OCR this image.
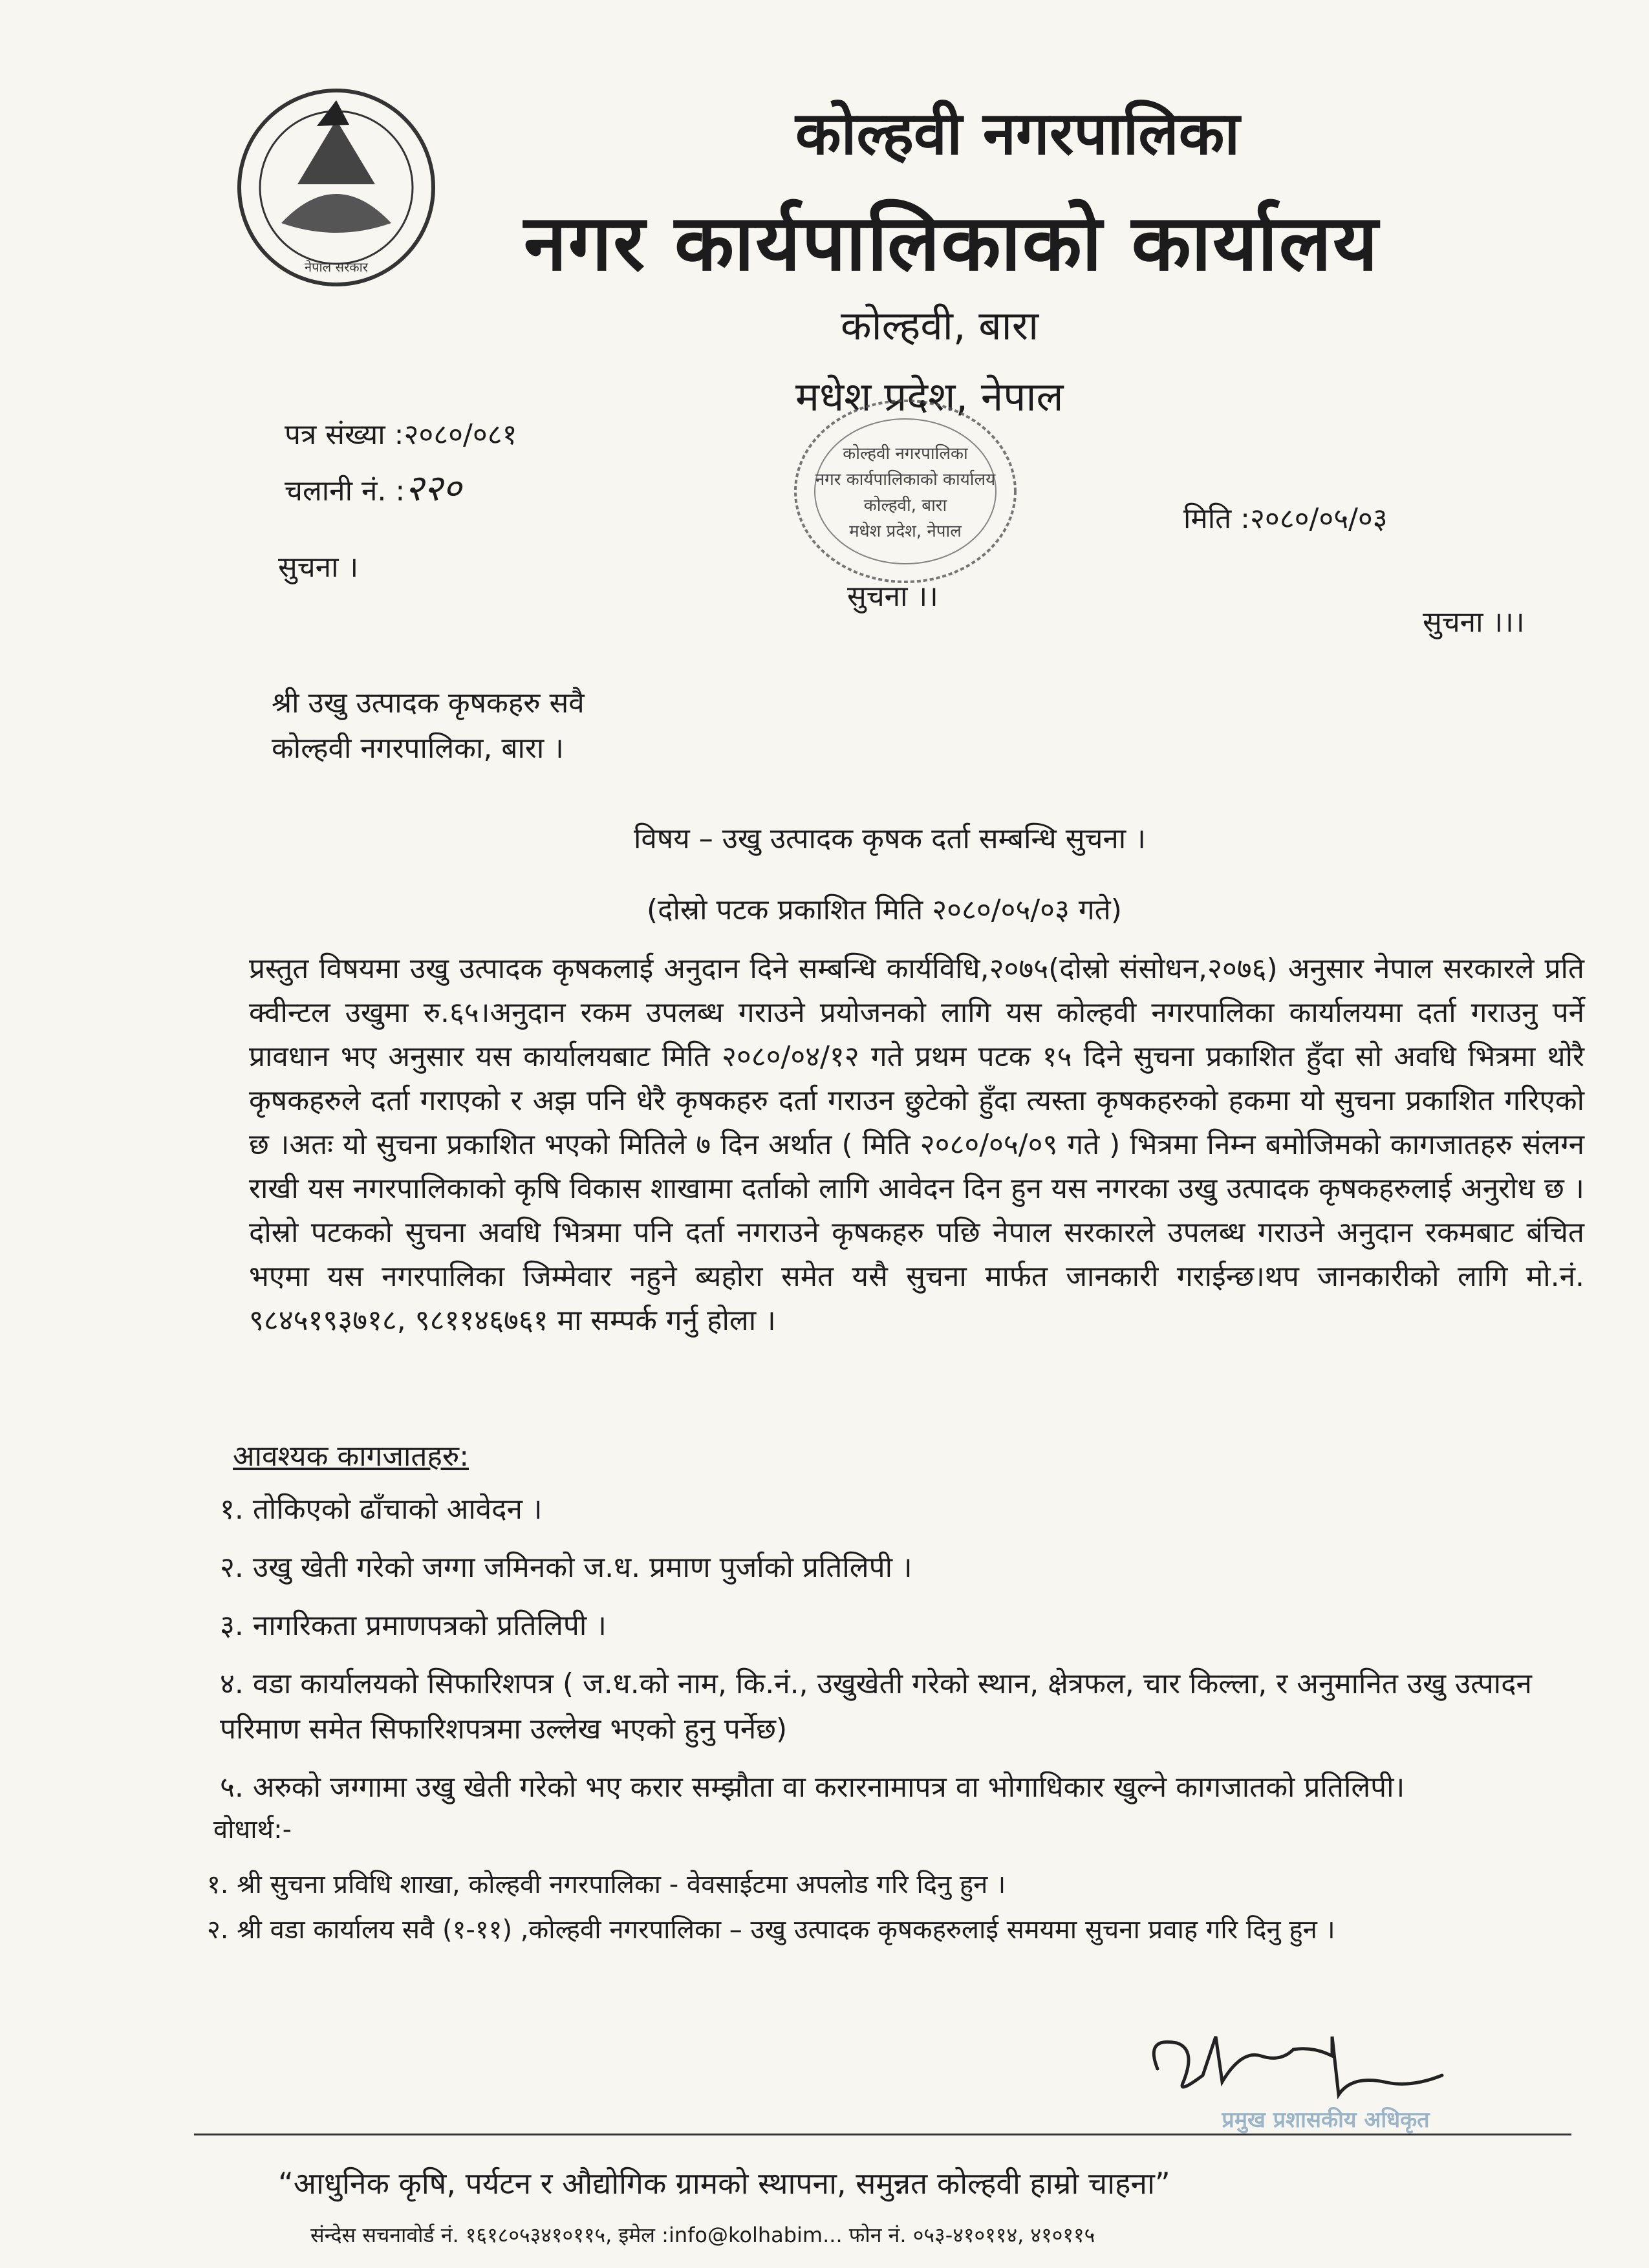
नेपाल सरकार
कोल्हवी नगरपालिका
नगर कार्यपालिकाको कार्यालय
कोल्हवी, बारा
मधेश प्रदेश, नेपाल
कोल्हवी नगरपालिका
नगर कार्यपालिकाको कार्यालय
कोल्हवी, बारा
मधेश प्रदेश, नेपाल
पत्र संख्या :२०८०/०८१
चलानी नं. :२२०
मिति :२०८०/०५/०३
सुचना ।
सुचना ।।
सुचना ।।।
श्री उखु उत्पादक कृषकहरु सवै
कोल्हवी नगरपालिका, बारा ।
विषय – उखु उत्पादक कृषक दर्ता सम्बन्धि सुचना ।
(दोस्रो पटक प्रकाशित मिति २०८०/०५/०३ गते)
प्रस्तुत विषयमा उखु उत्पादक कृषकलाई अनुदान दिने सम्बन्धि कार्यविधि,२०७५(दोस्रो संसोधन,२०७६) अनुसार नेपाल सरकारले प्रति क्वीन्टल उखुमा रु.६५।अनुदान रकम उपलब्ध गराउने प्रयोजनको लागि यस कोल्हवी नगरपालिका कार्यालयमा दर्ता गराउनु पर्ने प्रावधान भए अनुसार यस कार्यालयबाट मिति २०८०/०४/१२ गते प्रथम पटक १५ दिने सुचना प्रकाशित हुँदा सो अवधि भित्रमा थोरै कृषकहरुले दर्ता गराएको र अझ पनि धेरै कृषकहरु दर्ता गराउन छुटेको हुँदा त्यस्ता कृषकहरुको हकमा यो सुचना प्रकाशित गरिएको छ ।अतः यो सुचना प्रकाशित भएको मितिले ७ दिन अर्थात ( मिति २०८०/०५/०९ गते ) भित्रमा निम्न बमोजिमको कागजातहरु संलग्न राखी यस नगरपालिकाको कृषि विकास शाखामा दर्ताको लागि आवेदन दिन हुन यस नगरका उखु उत्पादक कृषकहरुलाई अनुरोध छ ।दोस्रो पटकको सुचना अवधि भित्रमा पनि दर्ता नगराउने कृषकहरु पछि नेपाल सरकारले उपलब्ध गराउने अनुदान रकमबाट बंचित भएमा यस नगरपालिका जिम्मेवार नहुने ब्यहोरा समेत यसै सुचना मार्फत जानकारी गराईन्छ।थप जानकारीको लागि मो.नं. ९८४५१९३७१८, ९८११४६७६१ मा सम्पर्क गर्नु होला ।
आवश्यक कागजातहरु:
१. तोकिएको ढाँचाको आवेदन ।
२. उखु खेती गरेको जग्गा जमिनको ज.ध. प्रमाण पुर्जाको प्रतिलिपी ।
३. नागरिकता प्रमाणपत्रको प्रतिलिपी ।
४. वडा कार्यालयको सिफारिशपत्र ( ज.ध.को नाम, कि.नं., उखुखेती गरेको स्थान, क्षेत्रफल, चार किल्ला, र अनुमानित उखु उत्पादन परिमाण समेत सिफारिशपत्रमा उल्लेख भएको हुनु पर्नेछ)
५. अरुको जग्गामा उखु खेती गरेको भए करार सम्झौता वा करारनामापत्र वा भोगाधिकार खुल्ने कागजातको प्रतिलिपी।
वोधार्थ:-
१. श्री सुचना प्रविधि शाखा, कोल्हवी नगरपालिका - वेवसाईटमा अपलोड गरि दिनु हुन ।
२. श्री वडा कार्यालय सवै (१-११) ,कोल्हवी नगरपालिका – उखु उत्पादक कृषकहरुलाई समयमा सुचना प्रवाह गरि दिनु हुन ।
प्रमुख प्रशासकीय अधिकृत
“आधुनिक कृषि, पर्यटन र औद्योगिक ग्रामको स्थापना, समुन्नत कोल्हवी हाम्रो चाहना”
संन्देस सचनावोर्ड नं. १६१८०५३४१०११५, इमेल :info@kolhabim... फोन नं. ०५३-४१०११४, ४१०११५
